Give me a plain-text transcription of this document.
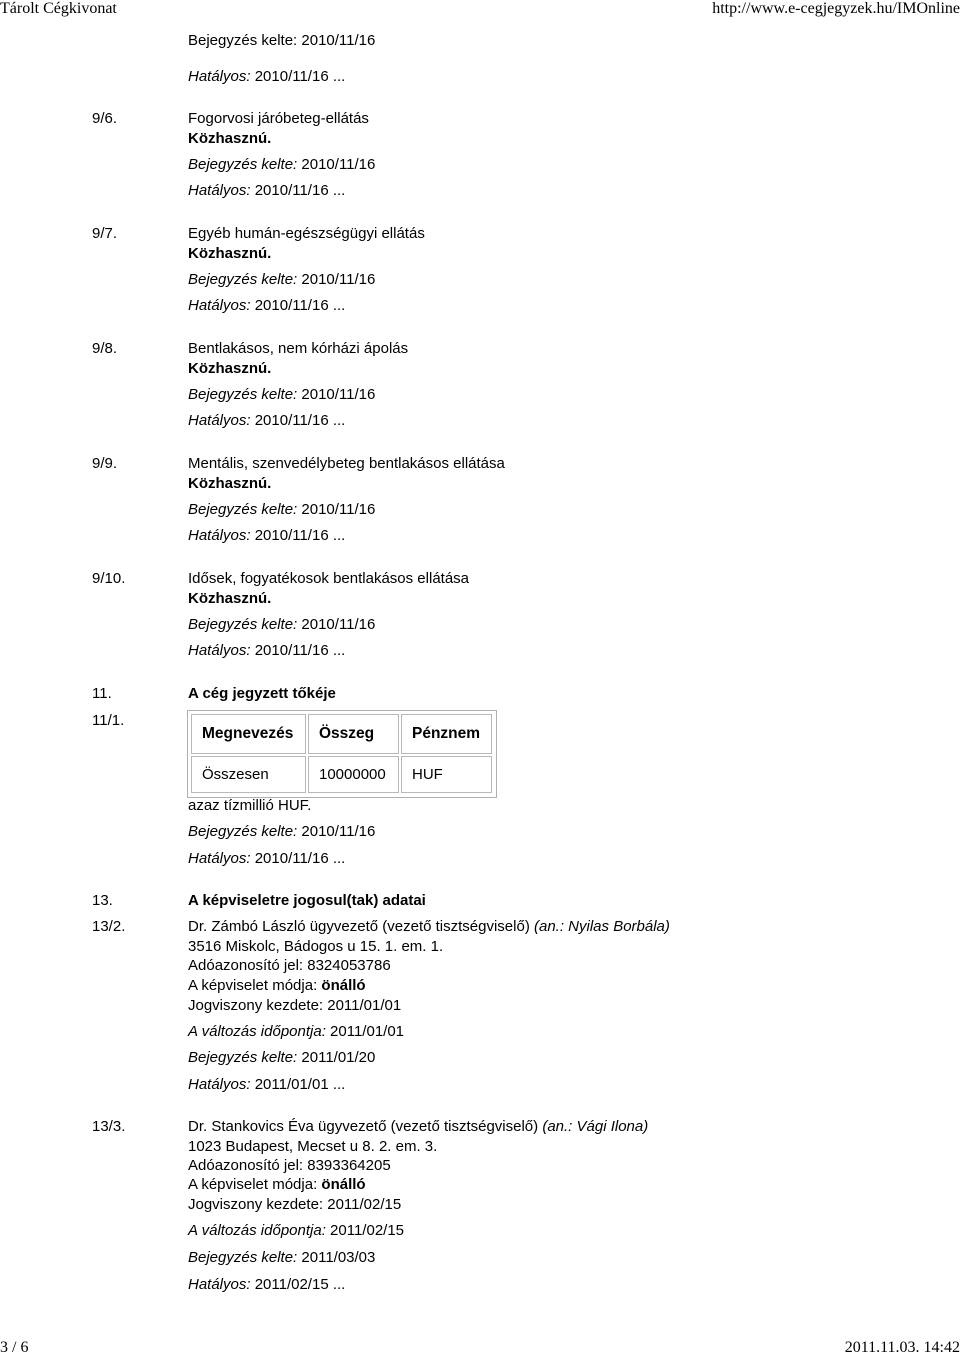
Tárolt Cégkivonat	http://www.e-cegjegyzek.hu/IMOnline
Bejegyzés kelte: 2010/11/16
Hatályos: 2010/11/16 ...
9/6.	Fogorvosi járóbeteg-ellátás
Közhasznú.
Bejegyzés kelte: 2010/11/16
Hatályos: 2010/11/16 ...
9/7.	Egyéb humán-egészségügyi ellátás
Közhasznú.
Bejegyzés kelte: 2010/11/16
Hatályos: 2010/11/16 ...
9/8.	Bentlakásos, nem kórházi ápolás
Közhasznú.
Bejegyzés kelte: 2010/11/16
Hatályos: 2010/11/16 ...
9/9.	Mentális, szenvedélybeteg bentlakásos ellátása
Közhasznú.
Bejegyzés kelte: 2010/11/16
Hatályos: 2010/11/16 ...
9/10.	Idősek, fogyatékosok bentlakásos ellátása
Közhasznú.
Bejegyzés kelte: 2010/11/16
Hatályos: 2010/11/16 ...
11.	A cég jegyzett tőkéje
11/1.
Megnevezés	Összeg	Pénznem
Összesen	10000000	HUF
azaz tízmillió HUF.
Bejegyzés kelte: 2010/11/16
Hatályos: 2010/11/16 ...
13.	A képviseletre jogosul(tak) adatai
13/2.	Dr. Zámbó László ügyvezető (vezető tisztségviselő) (an.: Nyilas Borbála)
3516 Miskolc, Bádogos u 15. 1. em. 1.
Adóazonosító jel: 8324053786
A képviselet módja: önálló
Jogviszony kezdete: 2011/01/01
A változás időpontja: 2011/01/01
Bejegyzés kelte: 2011/01/20
Hatályos: 2011/01/01 ...
13/3.	Dr. Stankovics Éva ügyvezető (vezető tisztségviselő) (an.: Vági Ilona)
1023 Budapest, Mecset u 8. 2. em. 3.
Adóazonosító jel: 8393364205
A képviselet módja: önálló
Jogviszony kezdete: 2011/02/15
A változás időpontja: 2011/02/15
Bejegyzés kelte: 2011/03/03
Hatályos: 2011/02/15 ...
3 / 6	2011.11.03. 14:42
